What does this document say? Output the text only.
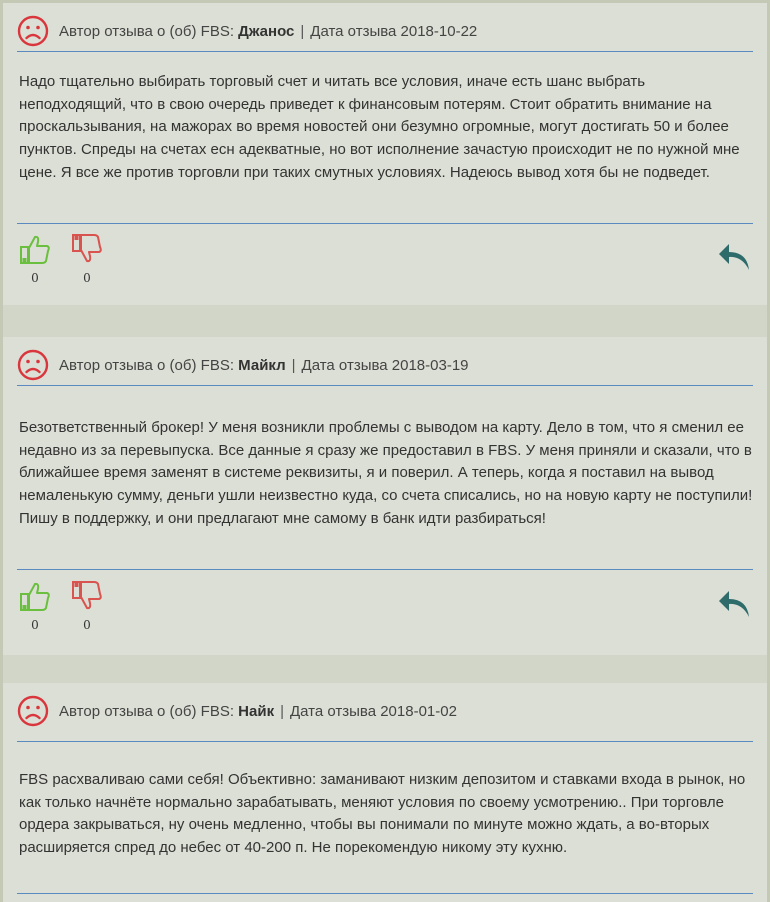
Автор отзыва о (об) FBS:
Джанос | Дата отзыва 2018-10-22
Надо тщательно выбирать торговый счет и читать все условия, иначе есть шанс выбрать неподходящий, что в свою очередь приведет к финансовым потерям. Стоит обратить внимание на проскальзывания, на мажорах во время новостей они безумно огромные, могут достигать 50 и более пунктов. Спреды на счетах есн адекватные, но вот исполнение зачастую происходит не по нужной мне цене. Я все же против торговли при таких смутных условиях. Надеюсь вывод хотя бы не подведет.
0	0
Автор отзыва о (об) FBS:
Майкл | Дата отзыва 2018-03-19
Безответственный брокер! У меня возникли проблемы с выводом на карту. Дело в том, что я сменил ее недавно из за перевыпуска. Все данные я сразу же предоставил в FBS. У меня приняли и сказали, что в ближайшее время заменят в системе реквизиты, я и поверил. А теперь, когда я поставил на вывод немаленькую сумму, деньги ушли неизвестно куда, со счета списались, но на новую карту не поступили! Пишу в поддержку, и они предлагают мне самому в банк идти разбираться!
0	0
Автор отзыва о (об) FBS:
Найк | Дата отзыва 2018-01-02
FBS расхваливаю сами себя! Объективно: заманивают низким депозитом и ставками входа в рынок, но как только начнёте нормально зарабатывать, меняют условия по своему усмотрению.. При торговле ордера закрываться, ну очень медленно, чтобы вы понимали по минуте можно ждать, а во-вторых расширяется спред до небес от 40-200 п. Не порекомендую никому эту кухню.
